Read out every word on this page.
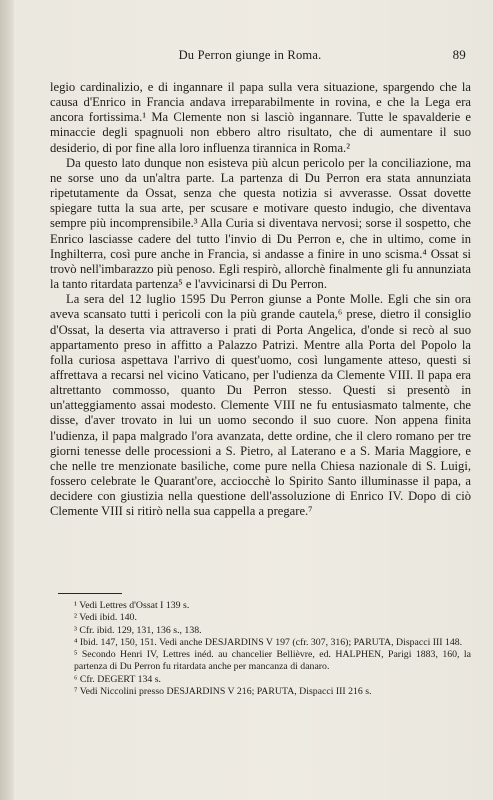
Du Perron giunge in Roma.	89

legio cardinalizio, e di ingannare il papa sulla vera situazione, spargendo che la causa d'Enrico in Francia andava irreparabilmente in rovina, e che la Lega era ancora fortissima.¹ Ma Clemente non si lasciò ingannare. Tutte le spavalderie e minaccie degli spagnuoli non ebbero altro risultato, che di aumentare il suo desiderio, di por fine alla loro influenza tirannica in Roma.²

Da questo lato dunque non esisteva più alcun pericolo per la conciliazione, ma ne sorse uno da un'altra parte. La partenza di Du Perron era stata annunziata ripetutamente da Ossat, senza che questa notizia si avverasse. Ossat dovette spiegare tutta la sua arte, per scusare e motivare questo indugio, che diventava sempre più incomprensibile.³ Alla Curia si diventava nervosi; sorse il sospetto, che Enrico lasciasse cadere del tutto l'invio di Du Perron e, che in ultimo, come in Inghilterra, così pure anche in Francia, si andasse a finire in uno scisma.⁴ Ossat si trovò nell'imbarazzo più penoso. Egli respirò, allorchè finalmente gli fu annunziata la tanto ritardata partenza⁵ e l'avvicinarsi di Du Perron.

La sera del 12 luglio 1595 Du Perron giunse a Ponte Molle. Egli che sin ora aveva scansato tutti i pericoli con la più grande cautela,⁶ prese, dietro il consiglio d'Ossat, la deserta via attraverso i prati di Porta Angelica, d'onde si recò al suo appartamento preso in affitto a Palazzo Patrizi. Mentre alla Porta del Popolo la folla curiosa aspettava l'arrivo di quest'uomo, così lungamente atteso, questi si affrettava a recarsi nel vicino Vaticano, per l'udienza da Clemente VIII. Il papa era altrettanto commosso, quanto Du Perron stesso. Questi si presentò in un'atteggiamento assai modesto. Clemente VIII ne fu entusiasmato talmente, che disse, d'aver trovato in lui un uomo secondo il suo cuore. Non appena finita l'udienza, il papa malgrado l'ora avanzata, dette ordine, che il clero romano per tre giorni tenesse delle processioni a S. Pietro, al Laterano e a S. Maria Maggiore, e che nelle tre menzionate basiliche, come pure nella Chiesa nazionale di S. Luigi, fossero celebrate le Quarant'ore, acciocchè lo Spirito Santo illuminasse il papa, a decidere con giustizia nella questione dell'assoluzione di Enrico IV. Dopo di ciò Clemente VIII si ritirò nella sua cappella a pregare.⁷

¹ Vedi Lettres d'Ossat I 139 s.

² Vedi ibid. 140.

³ Cfr. ibid. 129, 131, 136 s., 138.

⁴ Ibid. 147, 150, 151. Vedi anche DESJARDINS V 197 (cfr. 307, 316); PARUTA, Dispacci III 148.

⁵ Secondo Henri IV, Lettres inéd. au chancelier Bellièvre, ed. HALPHEN, Parigi 1883, 160, la partenza di Du Perron fu ritardata anche per mancanza di danaro.

⁶ Cfr. DEGERT 134 s.

⁷ Vedi Niccolini presso DESJARDINS V 216; PARUTA, Dispacci III 216 s.
